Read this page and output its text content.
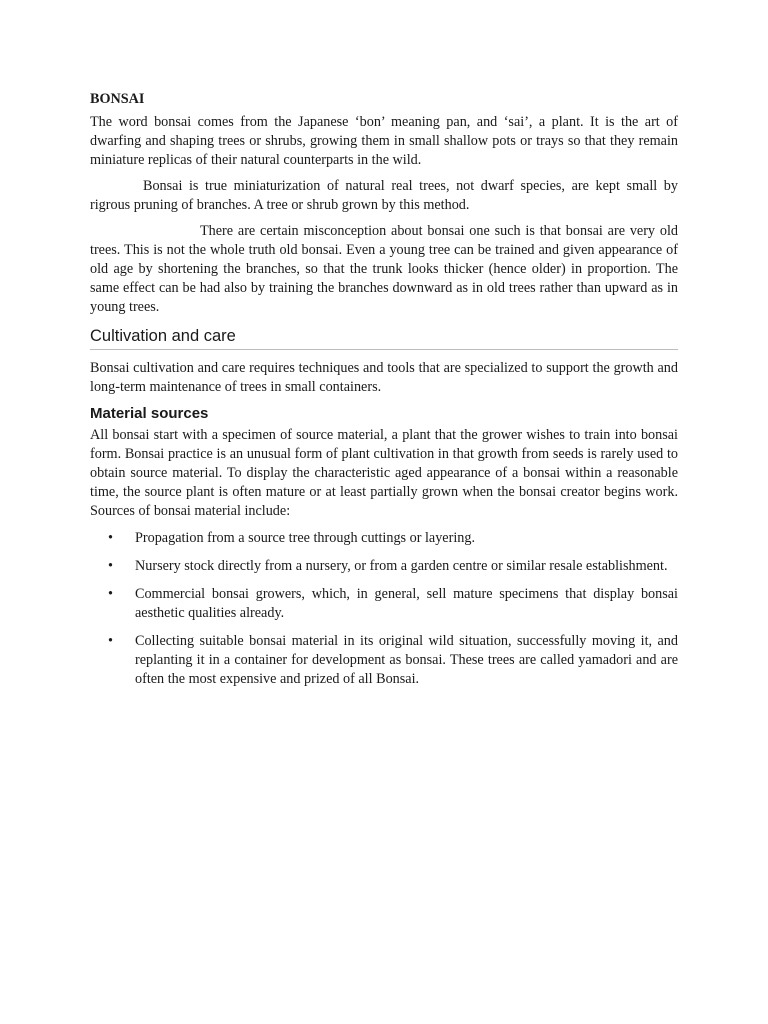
BONSAI

The word bonsai comes from the Japanese ‘bon’ meaning pan, and ‘sai’, a plant. It is the art of dwarfing and shaping trees or shrubs, growing them in small shallow pots or trays so that they remain miniature replicas of their natural counterparts in the wild.

Bonsai is true miniaturization of natural real trees, not dwarf species, are kept small by rigrous pruning of branches. A tree or shrub grown by this method.

There are certain misconception about bonsai one such is that bonsai are very old trees. This is not the whole truth old bonsai. Even a young tree can be trained and given appearance of old age by shortening the branches, so that the trunk looks thicker (hence older) in proportion. The same effect can be had also by training the branches downward as in old trees rather than upward as in young trees.

Cultivation and care

Bonsai cultivation and care requires techniques and tools that are specialized to support the growth and long-term maintenance of trees in small containers.

Material sources

All bonsai start with a specimen of source material, a plant that the grower wishes to train into bonsai form. Bonsai practice is an unusual form of plant cultivation in that growth from seeds is rarely used to obtain source material. To display the characteristic aged appearance of a bonsai within a reasonable time, the source plant is often mature or at least partially grown when the bonsai creator begins work. Sources of bonsai material include:

• Propagation from a source tree through cuttings or layering.
• Nursery stock directly from a nursery, or from a garden centre or similar resale establishment.
• Commercial bonsai growers, which, in general, sell mature specimens that display bonsai aesthetic qualities already.
• Collecting suitable bonsai material in its original wild situation, successfully moving it, and replanting it in a container for development as bonsai. These trees are called yamadori and are often the most expensive and prized of all Bonsai.
